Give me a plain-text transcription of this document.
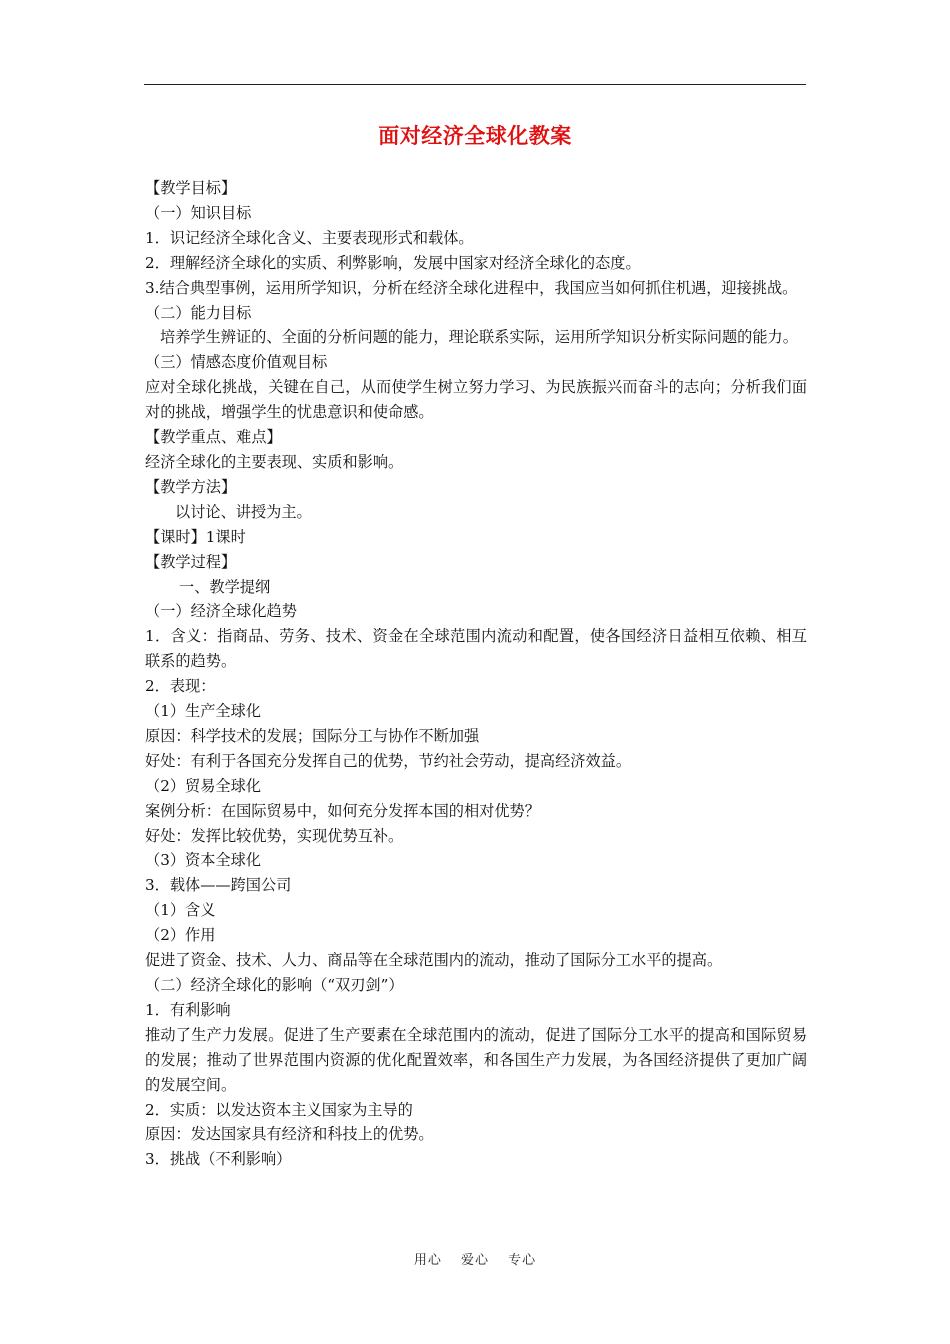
面对经济全球化教案
【教学目标】
（一）知识目标
1．识记经济全球化含义、主要表现形式和载体。
2．理解经济全球化的实质、利弊影响，发展中国家对经济全球化的态度。
3.结合典型事例，运用所学知识，分析在经济全球化进程中，我国应当如何抓住机遇，迎接挑战。
（二）能力目标
培养学生辨证的、全面的分析问题的能力，理论联系实际，运用所学知识分析实际问题的能力。
（三）情感态度价值观目标
应对全球化挑战，关键在自己，从而使学生树立努力学习、为民族振兴而奋斗的志向；分析我们面对的挑战，增强学生的忧患意识和使命感。
【教学重点、难点】
经济全球化的主要表现、实质和影响。
【教学方法】
以讨论、讲授为主。
【课时】1课时
【教学过程】
一、教学提纲
（一）经济全球化趋势
1．含义：指商品、劳务、技术、资金在全球范围内流动和配置，使各国经济日益相互依赖、相互联系的趋势。
2．表现：
（1）生产全球化
原因：科学技术的发展；国际分工与协作不断加强
好处：有利于各国充分发挥自己的优势，节约社会劳动，提高经济效益。
（2）贸易全球化
案例分析：在国际贸易中，如何充分发挥本国的相对优势？
好处：发挥比较优势，实现优势互补。
（3）资本全球化
3．载体——跨国公司
（1）含义
（2）作用
促进了资金、技术、人力、商品等在全球范围内的流动，推动了国际分工水平的提高。
（二）经济全球化的影响（“双刃剑”）
1．有利影响
推动了生产力发展。促进了生产要素在全球范围内的流动，促进了国际分工水平的提高和国际贸易的发展；推动了世界范围内资源的优化配置效率，和各国生产力发展，为各国经济提供了更加广阔的发展空间。
2．实质：以发达资本主义国家为主导的
原因：发达国家具有经济和科技上的优势。
3．挑战（不利影响）
用心 爱心 专心
